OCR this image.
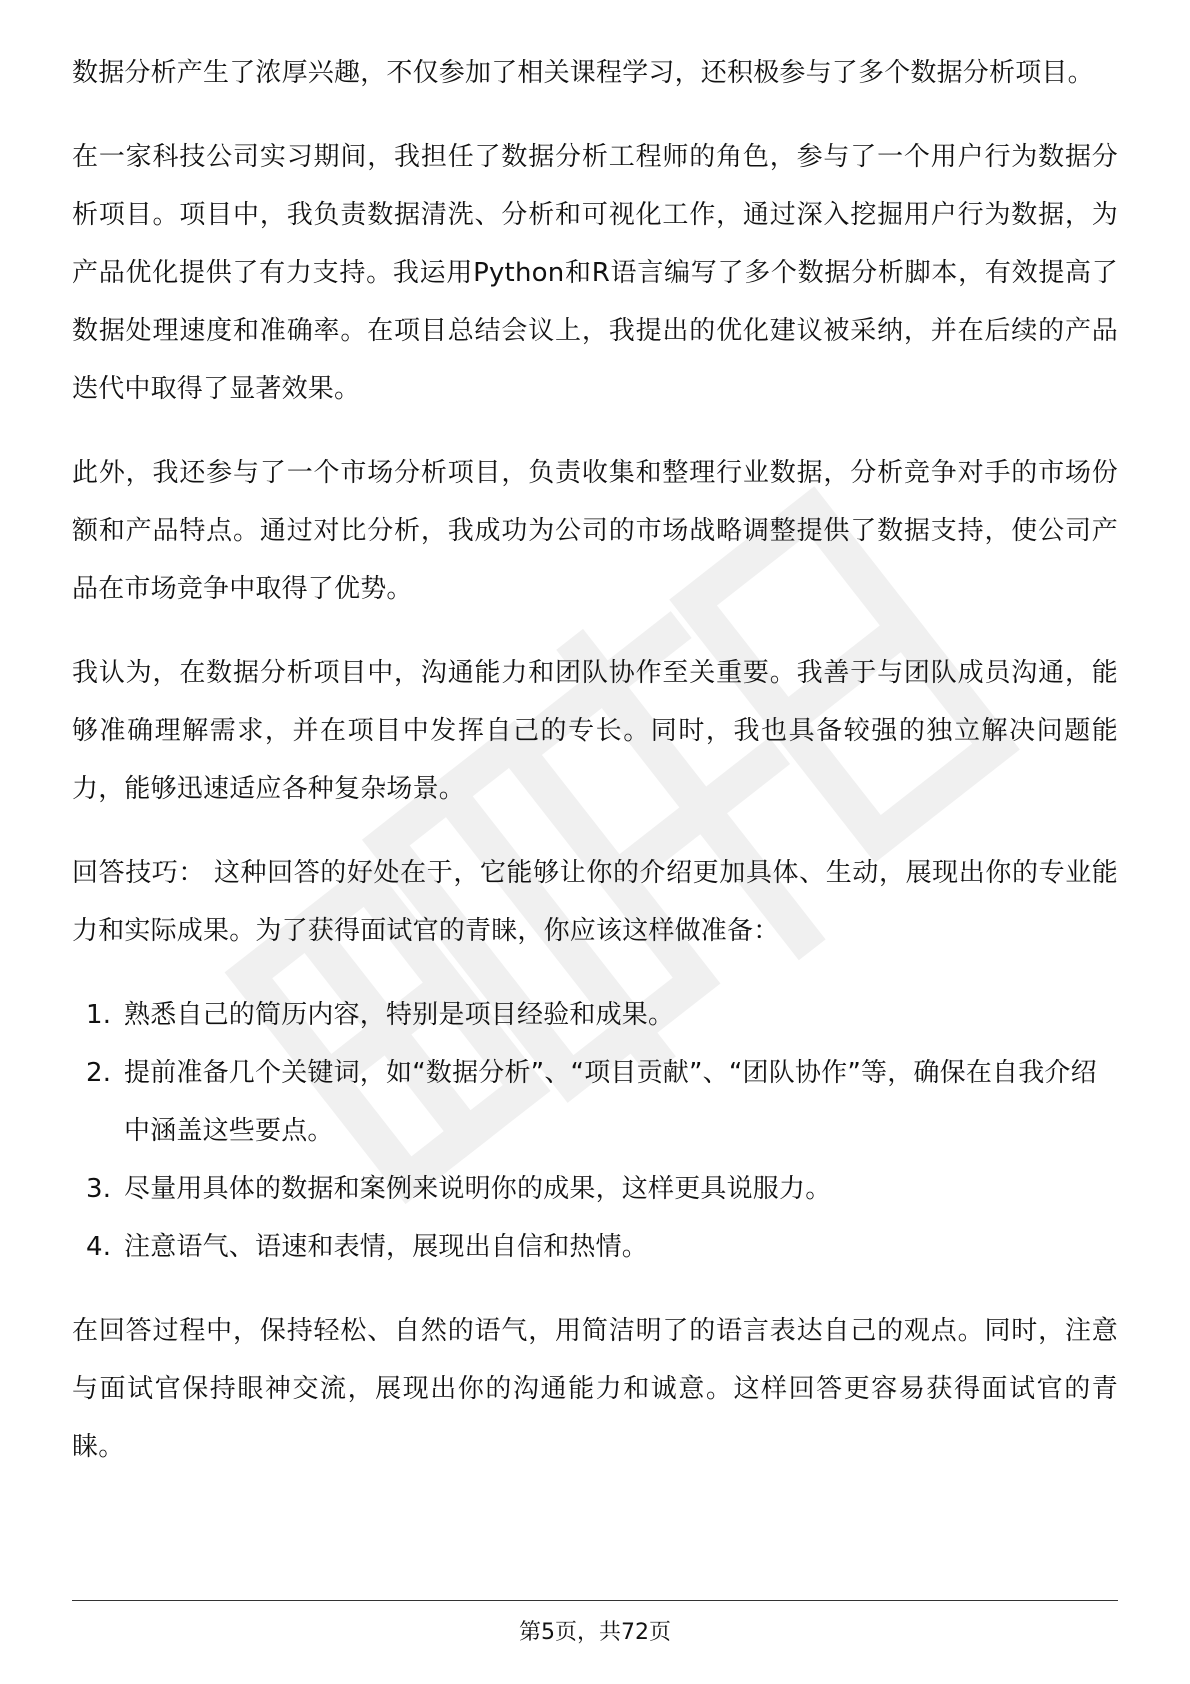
数据分析产生了浓厚兴趣，不仅参加了相关课程学习，还积极参与了多个数据分析项目。

在一家科技公司实习期间，我担任了数据分析工程师的角色，参与了一个用户行为数据分析项目。项目中，我负责数据清洗、分析和可视化工作，通过深入挖掘用户行为数据，为产品优化提供了有力支持。我运用Python和R语言编写了多个数据分析脚本，有效提高了数据处理速度和准确率。在项目总结会议上，我提出的优化建议被采纳，并在后续的产品迭代中取得了显著效果。

此外，我还参与了一个市场分析项目，负责收集和整理行业数据，分析竞争对手的市场份额和产品特点。通过对比分析，我成功为公司的市场战略调整提供了数据支持，使公司产品在市场竞争中取得了优势。

我认为，在数据分析项目中，沟通能力和团队协作至关重要。我善于与团队成员沟通，能够准确理解需求，并在项目中发挥自己的专长。同时，我也具备较强的独立解决问题能力，能够迅速适应各种复杂场景。

回答技巧： 这种回答的好处在于，它能够让你的介绍更加具体、生动，展现出你的专业能力和实际成果。为了获得面试官的青睐，你应该这样做准备：

1. 熟悉自己的简历内容，特别是项目经验和成果。
2. 提前准备几个关键词，如“数据分析”、“项目贡献”、“团队协作”等，确保在自我介绍中涵盖这些要点。
3. 尽量用具体的数据和案例来说明你的成果，这样更具说服力。
4. 注意语气、语速和表情，展现出自信和热情。

在回答过程中，保持轻松、自然的语气，用简洁明了的语言表达自己的观点。同时，注意与面试官保持眼神交流，展现出你的沟通能力和诚意。这样回答更容易获得面试官的青睐。

第5页，共72页
